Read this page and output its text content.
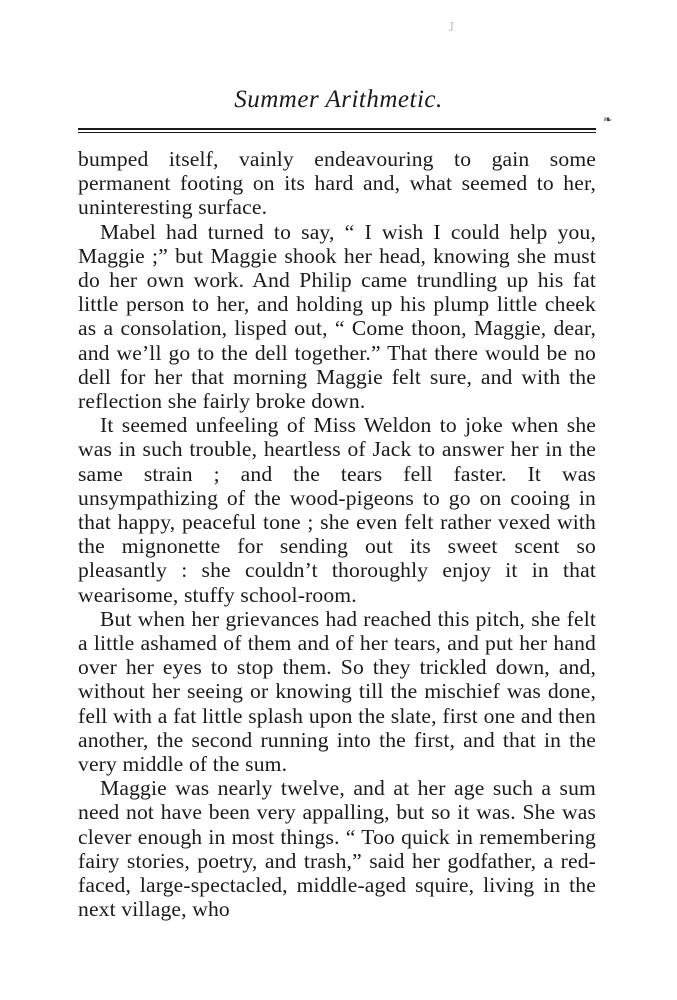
J
Summer Arithmetic.
❧

bumped itself, vainly endeavouring to gain some permanent footing on its hard and, what seemed to her, uninteresting surface.

Mabel had turned to say, “ I wish I could help you, Maggie ;” but Maggie shook her head, knowing she must do her own work. And Philip came trundling up his fat little person to her, and holding up his plump little cheek as a consolation, lisped out, “ Come thoon, Maggie, dear, and we’ll go to the dell together.” That there would be no dell for her that morning Maggie felt sure, and with the reflection she fairly broke down.

It seemed unfeeling of Miss Weldon to joke when she was in such trouble, heartless of Jack to answer her in the same strain ; and the tears fell faster. It was unsympathizing of the wood-pigeons to go on cooing in that happy, peaceful tone ; she even felt rather vexed with the mignonette for sending out its sweet scent so pleasantly : she couldn’t thoroughly enjoy it in that wearisome, stuffy school-room.

But when her grievances had reached this pitch, she felt a little ashamed of them and of her tears, and put her hand over her eyes to stop them. So they trickled down, and, without her seeing or knowing till the mischief was done, fell with a fat little splash upon the slate, first one and then another, the second running into the first, and that in the very middle of the sum.

Maggie was nearly twelve, and at her age such a sum need not have been very appalling, but so it was. She was clever enough in most things. “ Too quick in remembering fairy stories, poetry, and trash,” said her godfather, a red-faced, large-spectacled, middle-aged squire, living in the next village, who
